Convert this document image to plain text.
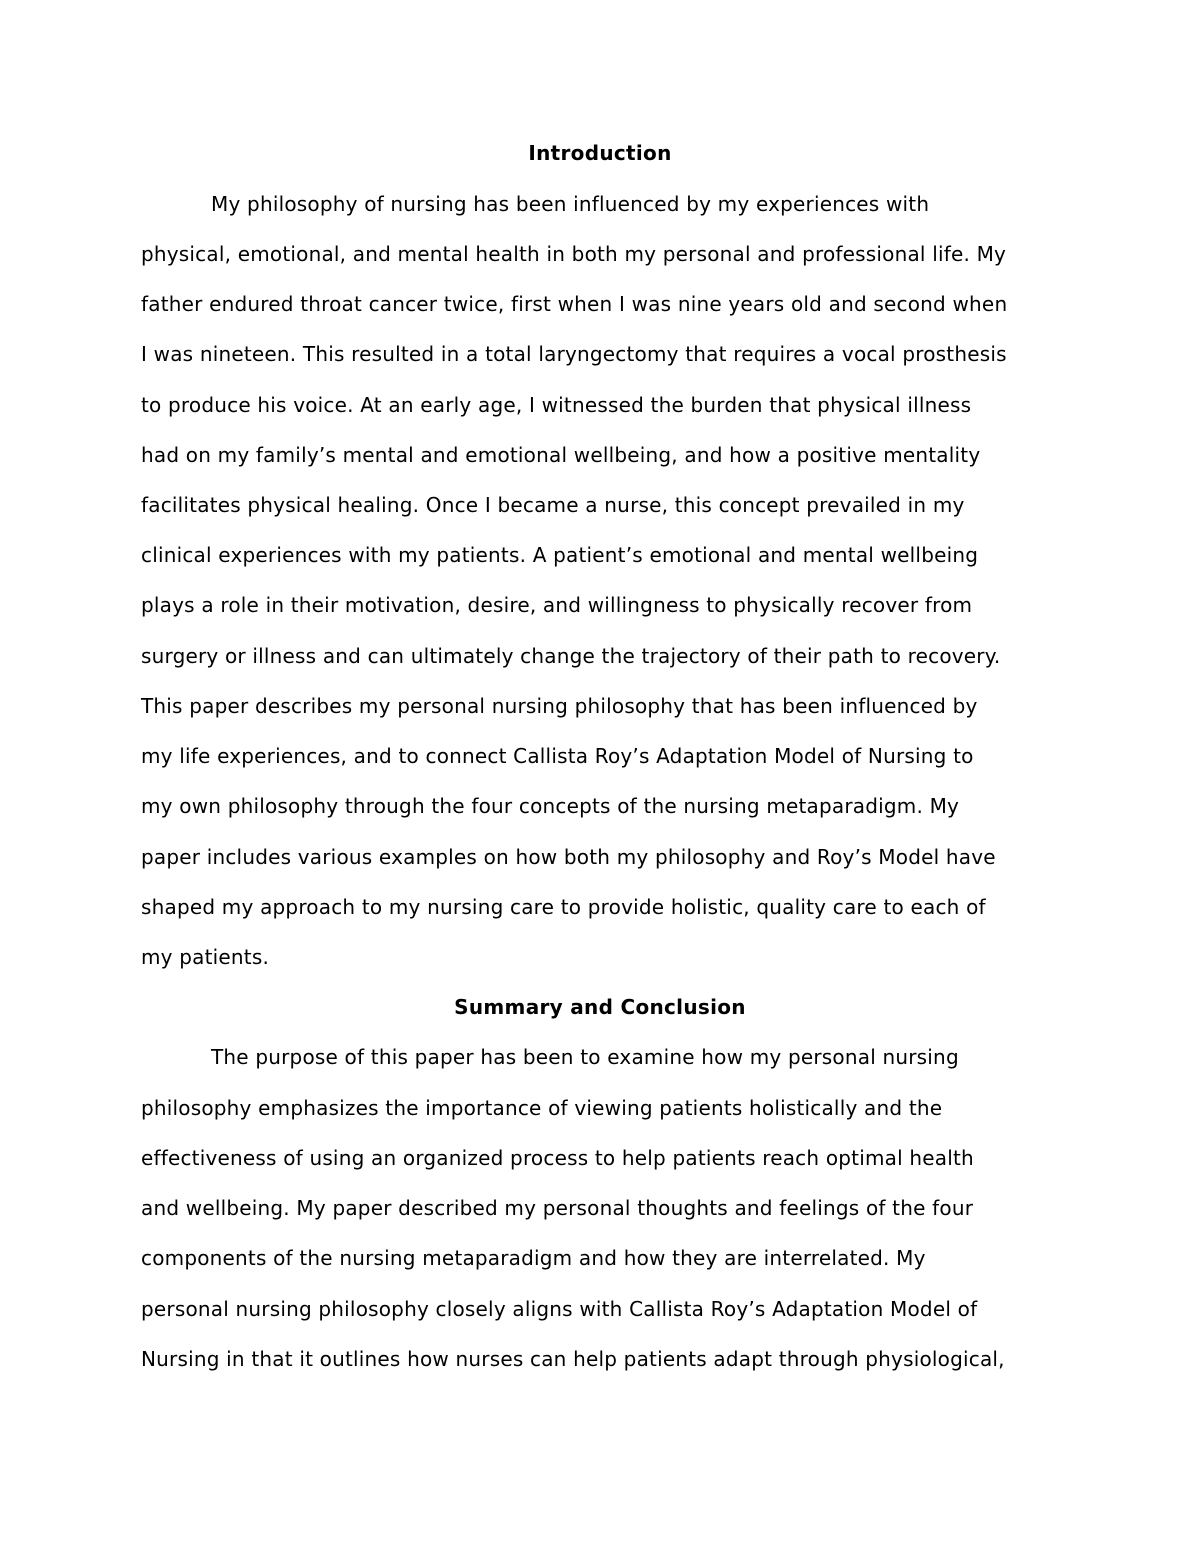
Introduction
My philosophy of nursing has been influenced by my experiences with
physical, emotional, and mental health in both my personal and professional life. My
father endured throat cancer twice, first when I was nine years old and second when
I was nineteen. This resulted in a total laryngectomy that requires a vocal prosthesis
to produce his voice. At an early age, I witnessed the burden that physical illness
had on my family’s mental and emotional wellbeing, and how a positive mentality
facilitates physical healing. Once I became a nurse, this concept prevailed in my
clinical experiences with my patients. A patient’s emotional and mental wellbeing
plays a role in their motivation, desire, and willingness to physically recover from
surgery or illness and can ultimately change the trajectory of their path to recovery.
This paper describes my personal nursing philosophy that has been influenced by
my life experiences, and to connect Callista Roy’s Adaptation Model of Nursing to
my own philosophy through the four concepts of the nursing metaparadigm. My
paper includes various examples on how both my philosophy and Roy’s Model have
shaped my approach to my nursing care to provide holistic, quality care to each of
my patients.
Summary and Conclusion
The purpose of this paper has been to examine how my personal nursing
philosophy emphasizes the importance of viewing patients holistically and the
effectiveness of using an organized process to help patients reach optimal health
and wellbeing. My paper described my personal thoughts and feelings of the four
components of the nursing metaparadigm and how they are interrelated. My
personal nursing philosophy closely aligns with Callista Roy’s Adaptation Model of
Nursing in that it outlines how nurses can help patients adapt through physiological,
